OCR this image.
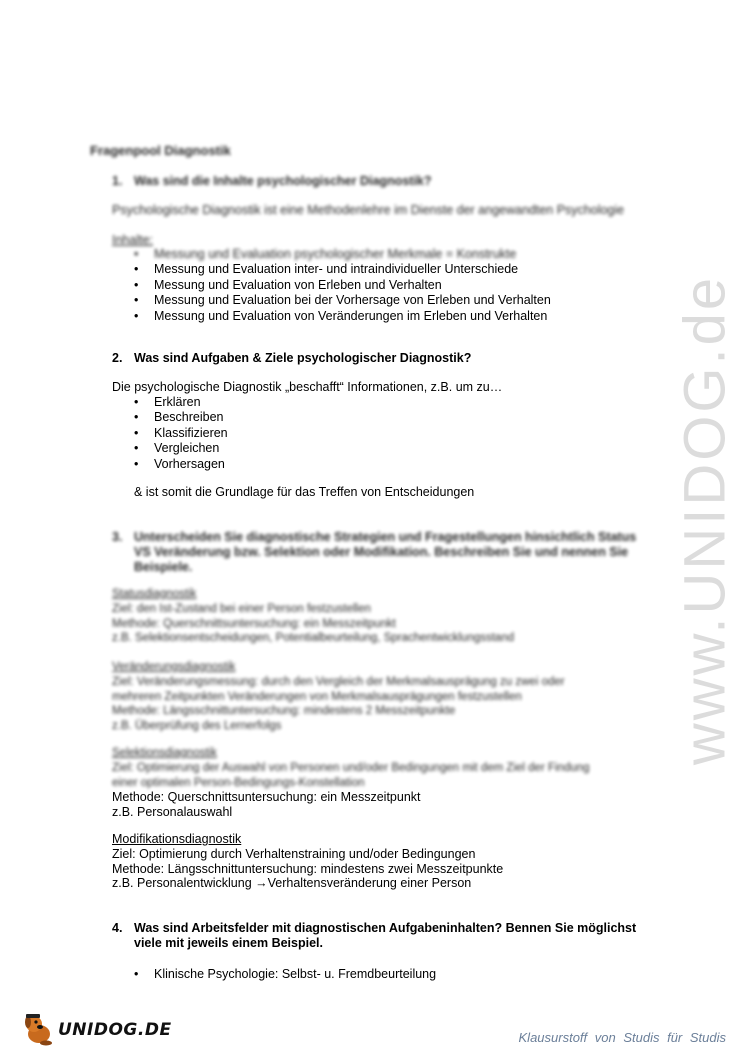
www.UNIDOG.de
Fragenpool Diagnostik
1. Was sind die Inhalte psychologischer Diagnostik?
Psychologische Diagnostik ist eine Methodenlehre im Dienste der angewandten Psychologie
Inhalte:
• Messung und Evaluation psychologischer Merkmale = Konstrukte
• Messung und Evaluation inter- und intraindividueller Unterschiede
• Messung und Evaluation von Erleben und Verhalten
• Messung und Evaluation bei der Vorhersage von Erleben und Verhalten
• Messung und Evaluation von Veränderungen im Erleben und Verhalten
2. Was sind Aufgaben & Ziele psychologischer Diagnostik?
Die psychologische Diagnostik „beschafft“ Informationen, z.B. um zu…
• Erklären
• Beschreiben
• Klassifizieren
• Vergleichen
• Vorhersagen
& ist somit die Grundlage für das Treffen von Entscheidungen
3. Unterscheiden Sie diagnostische Strategien und Fragestellungen hinsichtlich Status
VS Veränderung bzw. Selektion oder Modifikation. Beschreiben Sie und nennen Sie
Beispiele.
Statusdiagnostik
Ziel: den Ist-Zustand bei einer Person festzustellen
Methode: Querschnittsuntersuchung: ein Messzeitpunkt
z.B. Selektionsentscheidungen, Potentialbeurteilung, Sprachentwicklungsstand
Veränderungsdiagnostik
Ziel: Veränderungsmessung: durch den Vergleich der Merkmalsausprägung zu zwei oder
mehreren Zeitpunkten Veränderungen von Merkmalsausprägungen festzustellen
Methode: Längsschnittuntersuchung: mindestens 2 Messzeitpunkte
z.B. Überprüfung des Lernerfolgs
Selektionsdiagnostik
Ziel: Optimierung der Auswahl von Personen und/oder Bedingungen mit dem Ziel der Findung
einer optimalen Person-Bedingungs-Konstellation
Methode: Querschnittsuntersuchung: ein Messzeitpunkt
z.B. Personalauswahl
Modifikationsdiagnostik
Ziel: Optimierung durch Verhaltenstraining und/oder Bedingungen
Methode: Längsschnittuntersuchung: mindestens zwei Messzeitpunkte
z.B. Personalentwicklung →Verhaltensveränderung einer Person
4. Was sind Arbeitsfelder mit diagnostischen Aufgabeninhalten? Bennen Sie möglichst
viele mit jeweils einem Beispiel.
• Klinische Psychologie: Selbst- u. Fremdbeurteilung
UNIDOG.DE	Klausurstoff von Studis für Studis
